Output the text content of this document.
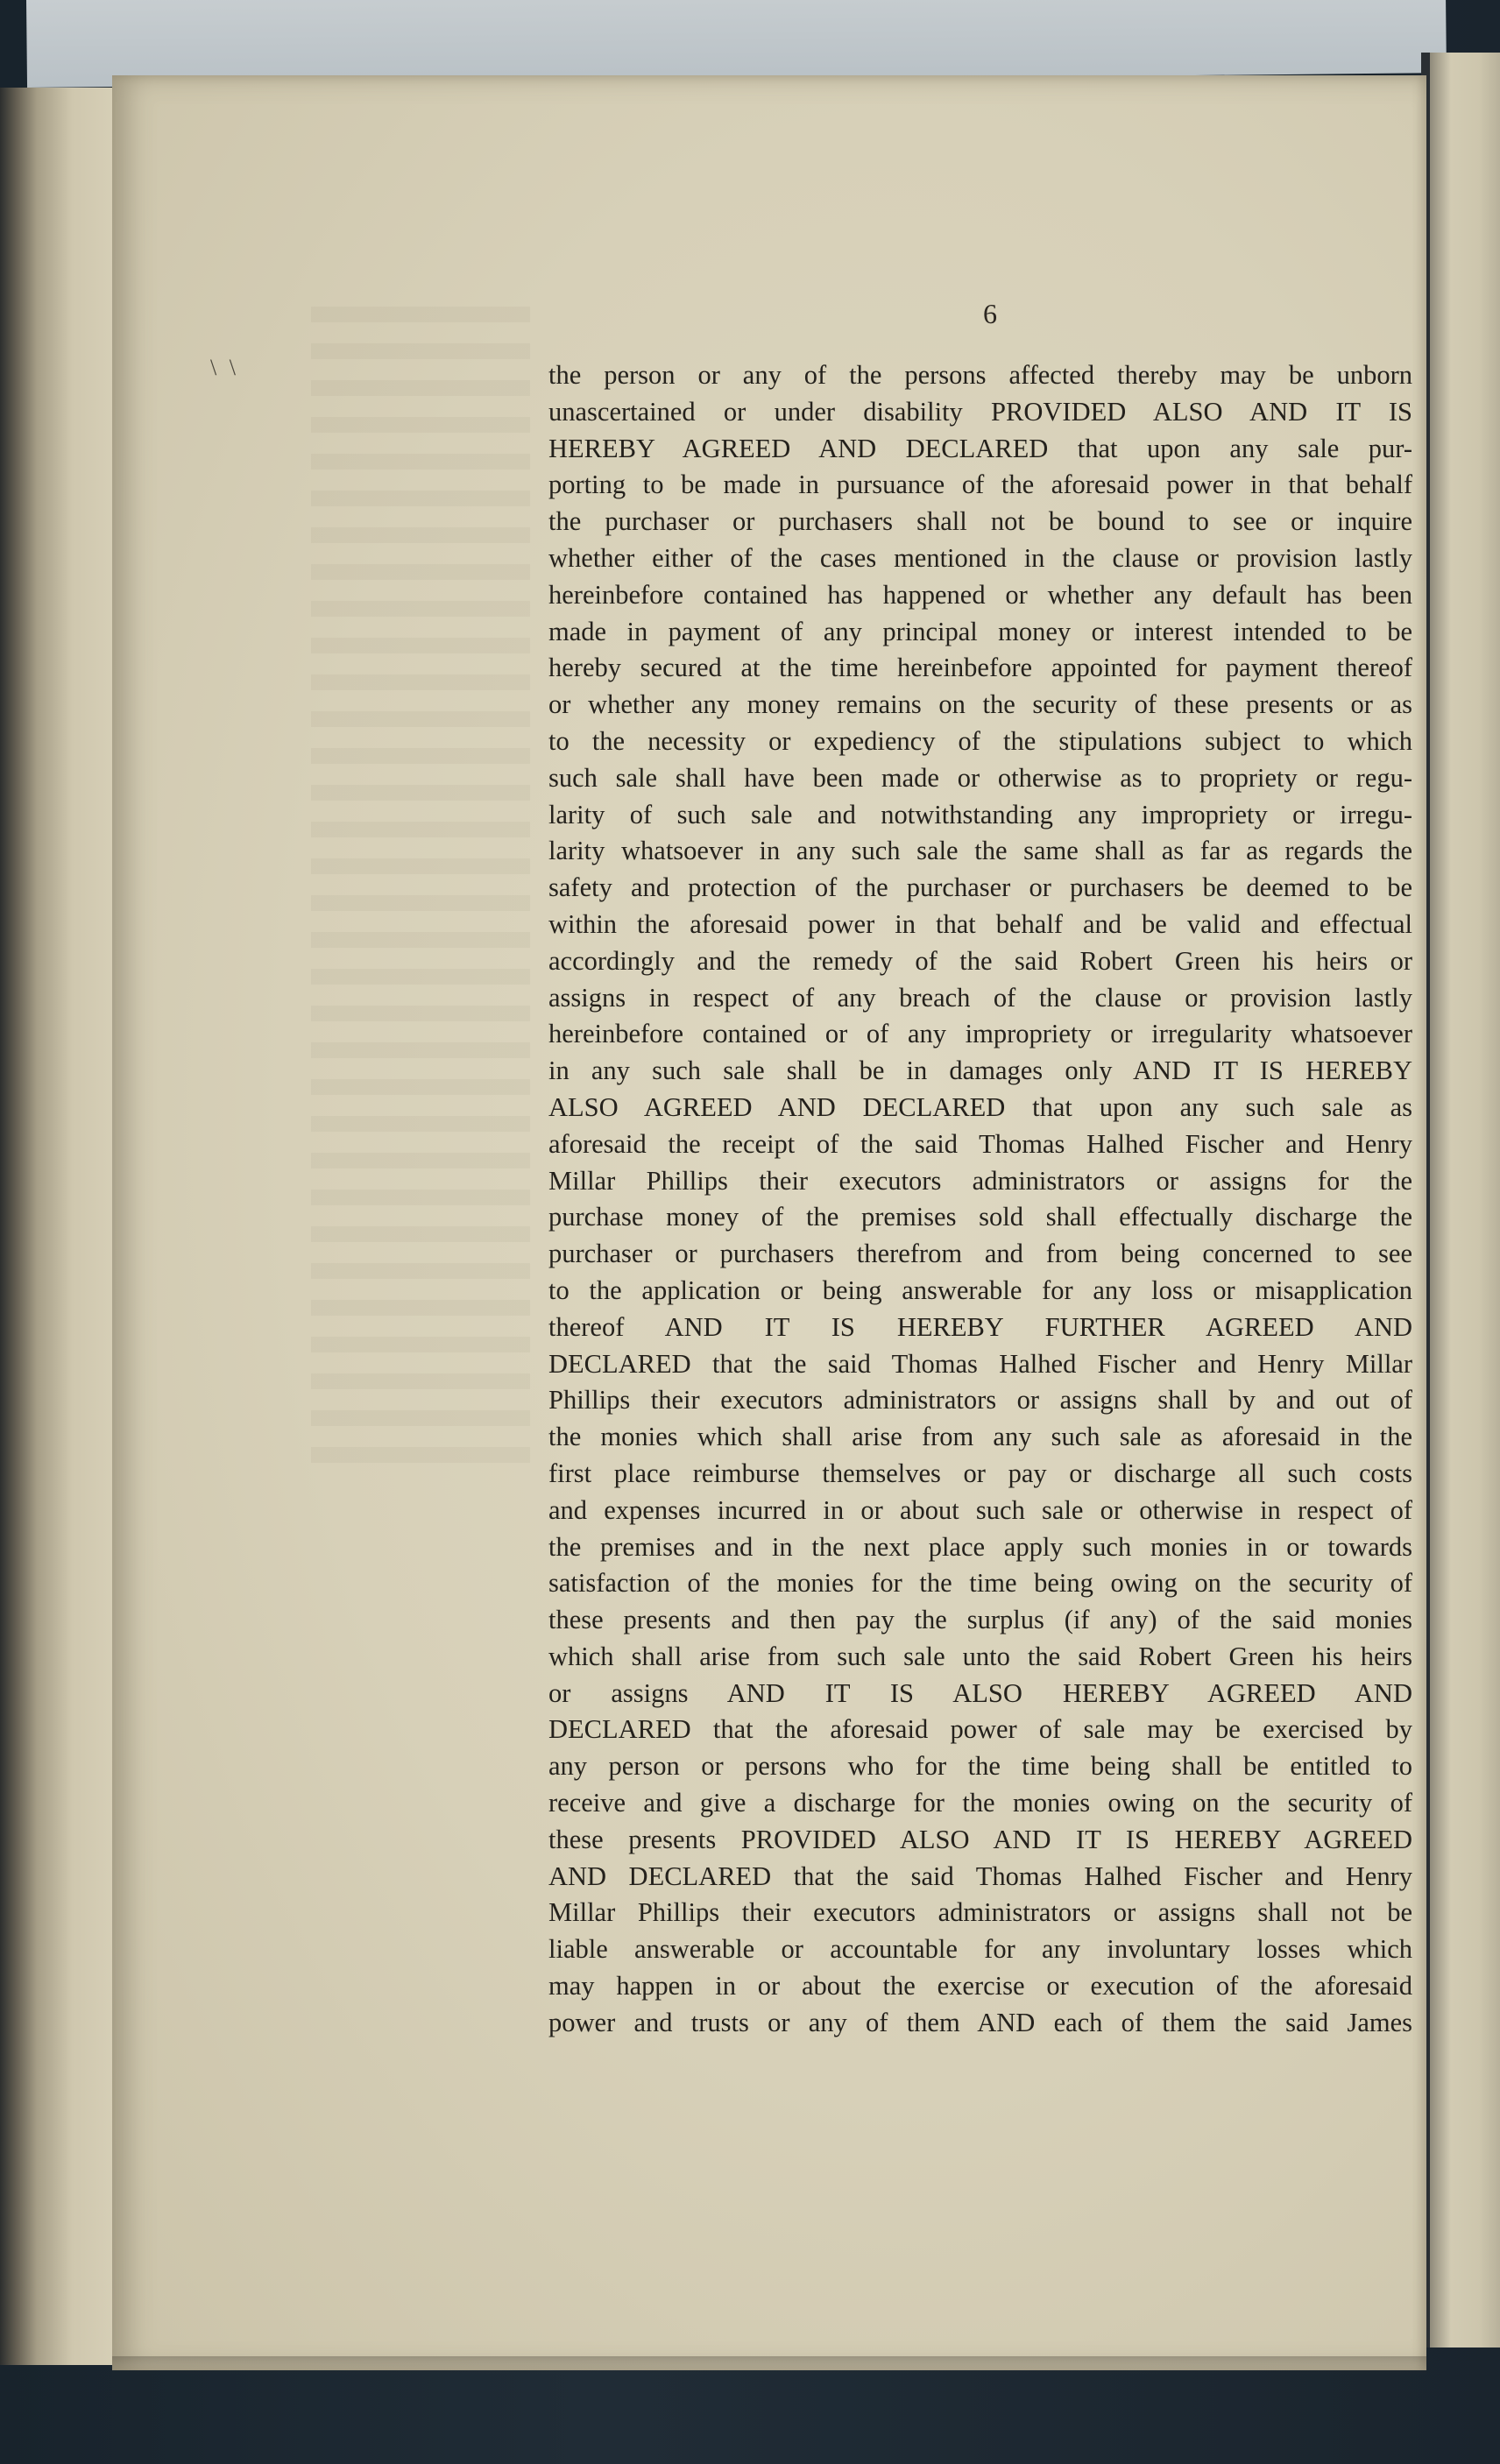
6
\ \	the person or any of the persons affected thereby may be unborn
unascertained or under disability PROVIDED ALSO AND IT IS
HEREBY AGREED AND DECLARED that upon any sale pur-
porting to be made in pursuance of the aforesaid power in that behalf
the purchaser or purchasers shall not be bound to see or inquire
whether either of the cases mentioned in the clause or provision lastly
hereinbefore contained has happened or whether any default has been
made in payment of any principal money or interest intended to be
hereby secured at the time hereinbefore appointed for payment thereof
or whether any money remains on the security of these presents or as
to the necessity or expediency of the stipulations subject to which
such sale shall have been made or otherwise as to propriety or regu-
larity of such sale and notwithstanding any impropriety or irregu-
larity whatsoever in any such sale the same shall as far as regards the
safety and protection of the purchaser or purchasers be deemed to be
within the aforesaid power in that behalf and be valid and effectual
accordingly and the remedy of the said Robert Green his heirs or
assigns in respect of any breach of the clause or provision lastly
hereinbefore contained or of any impropriety or irregularity whatsoever
in any such sale shall be in damages only AND IT IS HEREBY
ALSO AGREED AND DECLARED that upon any such sale as
aforesaid the receipt of the said Thomas Halhed Fischer and Henry
Millar Phillips their executors administrators or assigns for the
purchase money of the premises sold shall effectually discharge the
purchaser or purchasers therefrom and from being concerned to see
to the application or being answerable for any loss or misapplication
thereof AND IT IS HEREBY FURTHER AGREED AND
DECLARED that the said Thomas Halhed Fischer and Henry Millar
Phillips their executors administrators or assigns shall by and out of
the monies which shall arise from any such sale as aforesaid in the
first place reimburse themselves or pay or discharge all such costs
and expenses incurred in or about such sale or otherwise in respect of
the premises and in the next place apply such monies in or towards
satisfaction of the monies for the time being owing on the security of
these presents and then pay the surplus (if any) of the said monies
which shall arise from such sale unto the said Robert Green his heirs
or assigns AND IT IS ALSO HEREBY AGREED AND
DECLARED that the aforesaid power of sale may be exercised by
any person or persons who for the time being shall be entitled to
receive and give a discharge for the monies owing on the security of
these presents PROVIDED ALSO AND IT IS HEREBY AGREED
AND DECLARED that the said Thomas Halhed Fischer and Henry
Millar Phillips their executors administrators or assigns shall not be
liable answerable or accountable for any involuntary losses which
may happen in or about the exercise or execution of the aforesaid
power and trusts or any of them AND each of them the said James
